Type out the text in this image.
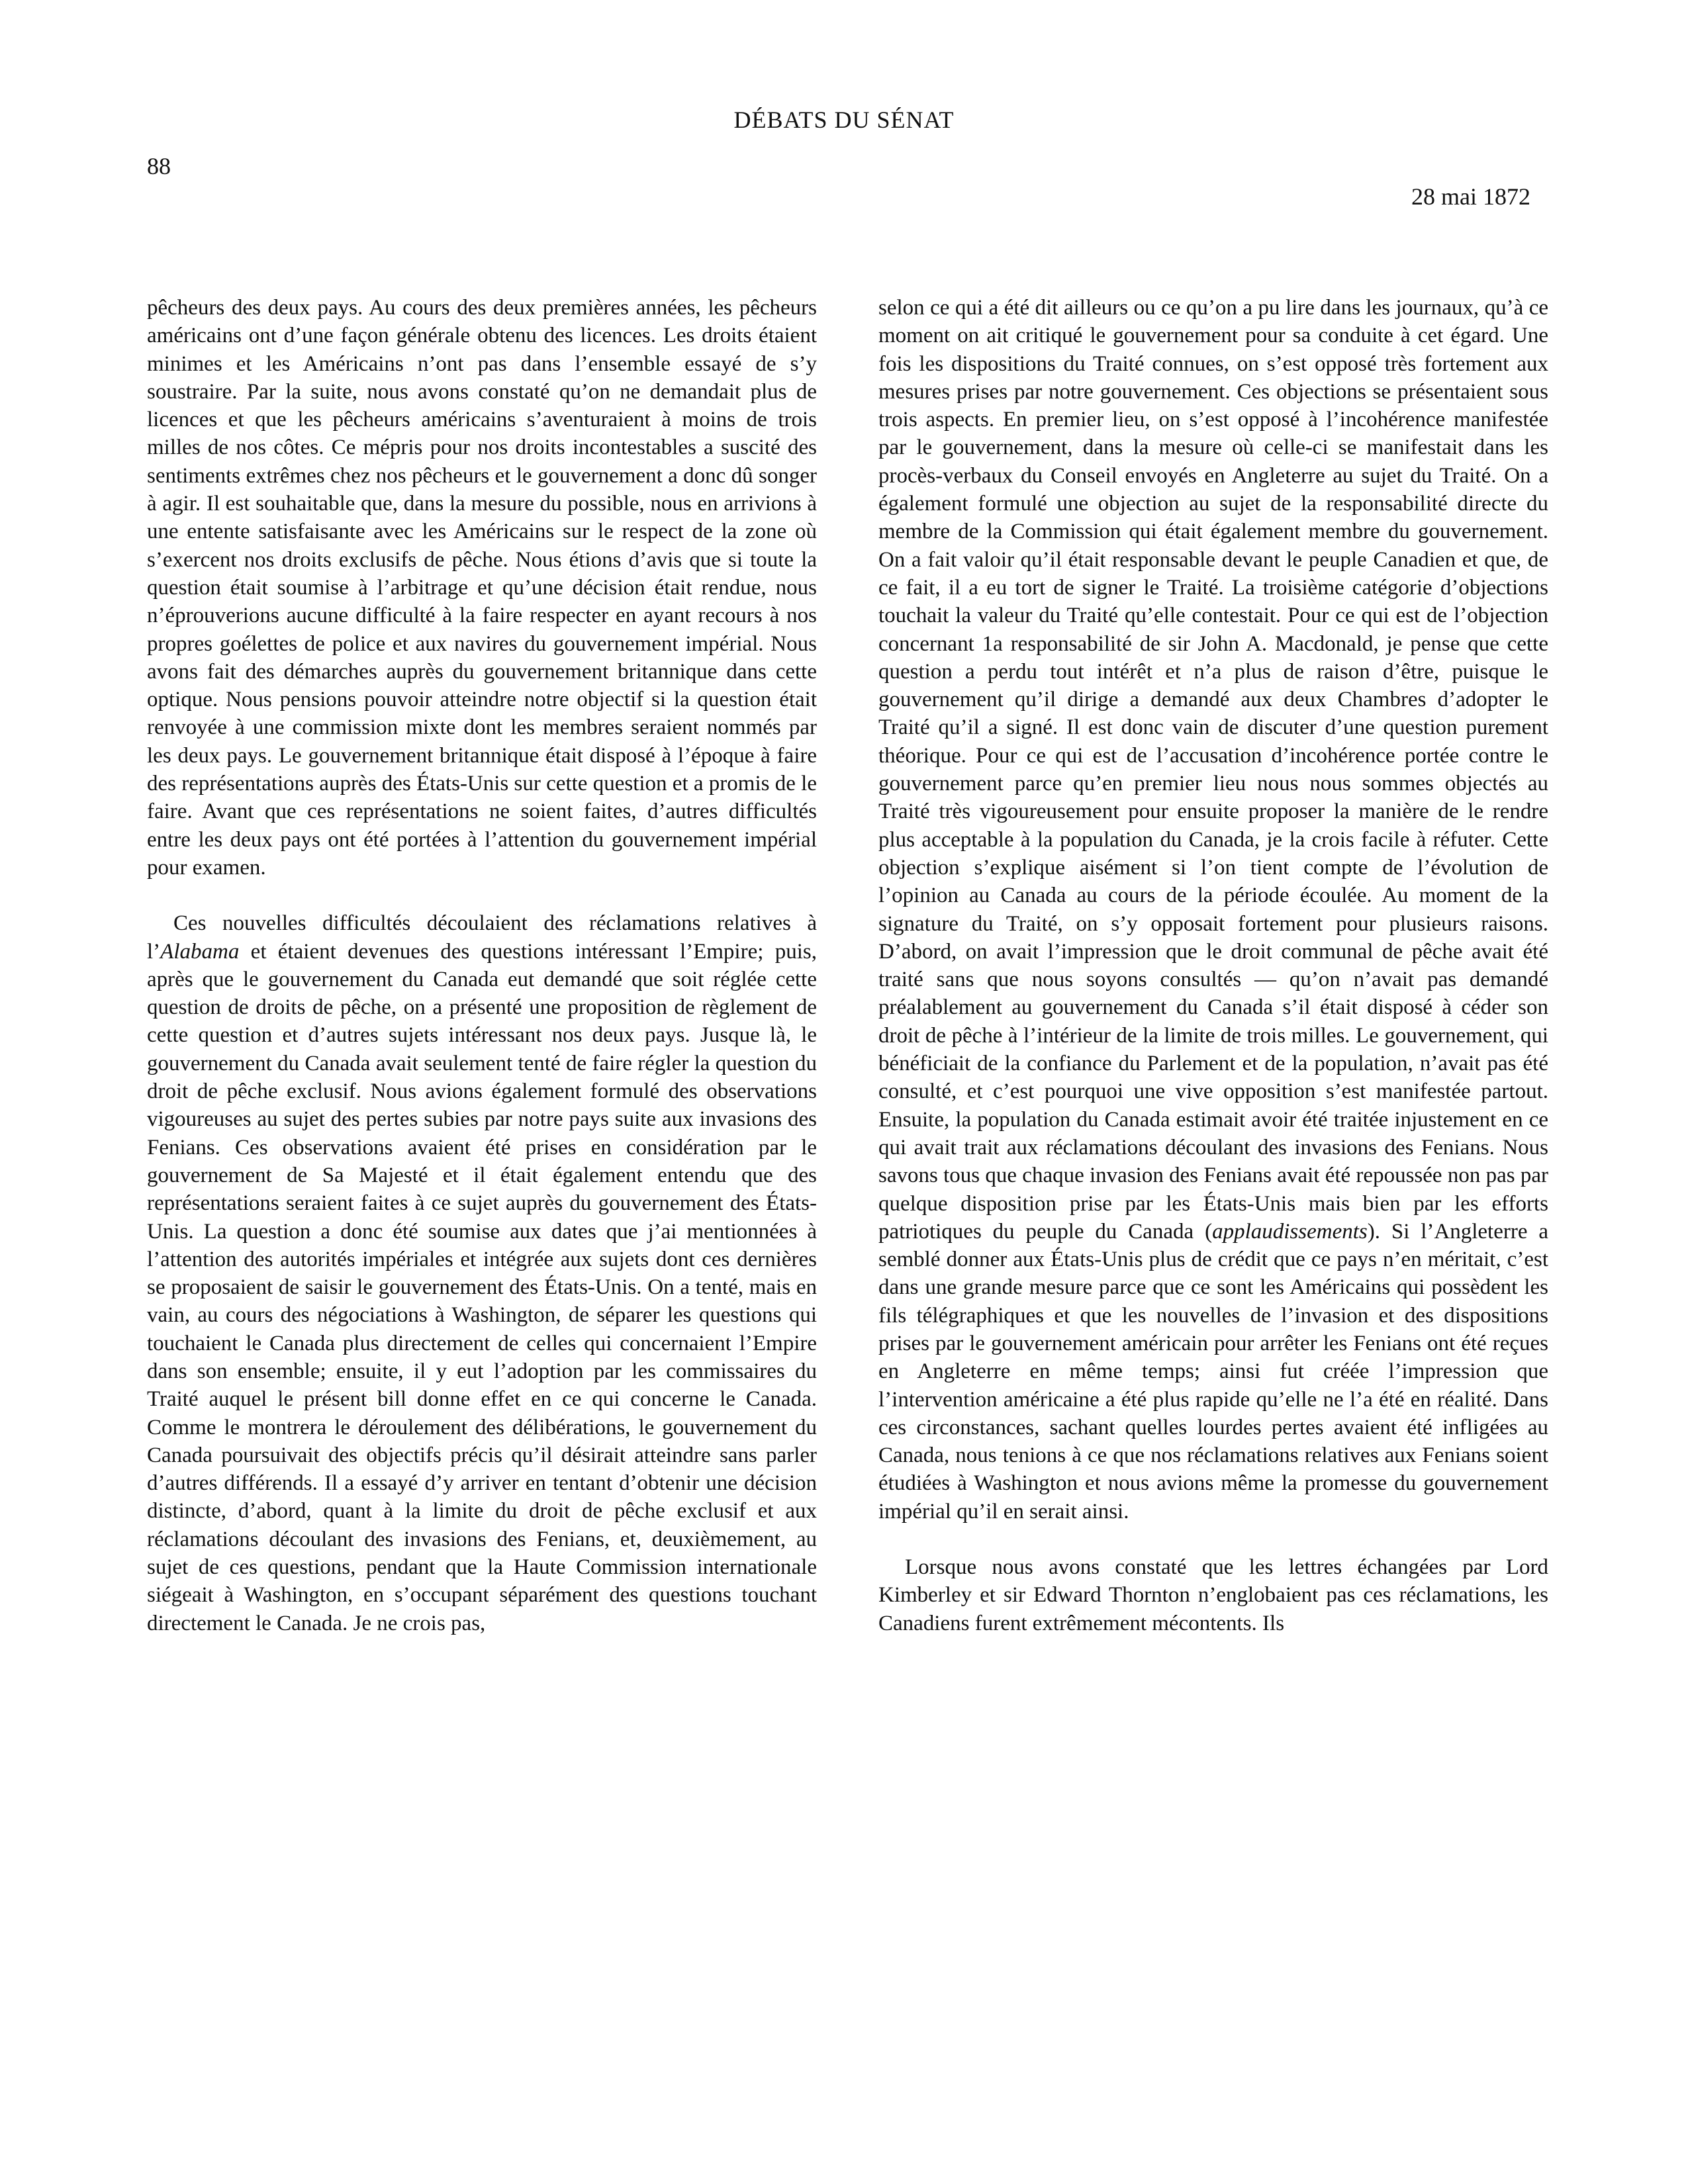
DÉBATS DU SÉNAT

88

28 mai 1872

pêcheurs des deux pays. Au cours des deux premières années, les pêcheurs américains ont d’une façon générale obtenu des licences. Les droits étaient minimes et les Américains n’ont pas dans l’ensemble essayé de s’y soustraire. Par la suite, nous avons constaté qu’on ne demandait plus de licences et que les pêcheurs américains s’aventuraient à moins de trois milles de nos côtes. Ce mépris pour nos droits incontestables a suscité des sentiments extrêmes chez nos pêcheurs et le gouvernement a donc dû songer à agir. Il est souhaitable que, dans la mesure du possible, nous en arrivions à une entente satisfaisante avec les Américains sur le respect de la zone où s’exercent nos droits exclusifs de pêche. Nous étions d’avis que si toute la question était soumise à l’arbitrage et qu’une décision était rendue, nous n’éprouverions aucune difficulté à la faire respecter en ayant recours à nos propres goélettes de police et aux navires du gouvernement impérial. Nous avons fait des démarches auprès du gouvernement britannique dans cette optique. Nous pensions pouvoir atteindre notre objectif si la question était renvoyée à une commission mixte dont les membres seraient nommés par les deux pays. Le gouvernement britannique était disposé à l’époque à faire des représentations auprès des États-Unis sur cette question et a promis de le faire. Avant que ces représentations ne soient faites, d’autres difficultés entre les deux pays ont été portées à l’attention du gouvernement impérial pour examen.

Ces nouvelles difficultés découlaient des réclamations relatives à l’Alabama et étaient devenues des questions intéressant l’Empire; puis, après que le gouvernement du Canada eut demandé que soit réglée cette question de droits de pêche, on a présenté une proposition de règlement de cette question et d’autres sujets intéressant nos deux pays. Jusque là, le gouvernement du Canada avait seulement tenté de faire régler la question du droit de pêche exclusif. Nous avions également formulé des observations vigoureuses au sujet des pertes subies par notre pays suite aux invasions des Fenians. Ces observations avaient été prises en considération par le gouvernement de Sa Majesté et il était également entendu que des représentations seraient faites à ce sujet auprès du gouvernement des États-Unis. La question a donc été soumise aux dates que j’ai mentionnées à l’attention des autorités impériales et intégrée aux sujets dont ces dernières se proposaient de saisir le gouvernement des États-Unis. On a tenté, mais en vain, au cours des négociations à Washington, de séparer les questions qui touchaient le Canada plus directement de celles qui concernaient l’Empire dans son ensemble; ensuite, il y eut l’adoption par les commissaires du Traité auquel le présent bill donne effet en ce qui concerne le Canada. Comme le montrera le déroulement des délibérations, le gouvernement du Canada poursuivait des objectifs précis qu’il désirait atteindre sans parler d’autres différends. Il a essayé d’y arriver en tentant d’obtenir une décision distincte, d’abord, quant à la limite du droit de pêche exclusif et aux réclamations découlant des invasions des Fenians, et, deuxièmement, au sujet de ces questions, pendant que la Haute Commission internationale siégeait à Washington, en s’occupant séparément des questions touchant directement le Canada. Je ne crois pas,

selon ce qui a été dit ailleurs ou ce qu’on a pu lire dans les journaux, qu’à ce moment on ait critiqué le gouvernement pour sa conduite à cet égard. Une fois les dispositions du Traité connues, on s’est opposé très fortement aux mesures prises par notre gouvernement. Ces objections se présentaient sous trois aspects. En premier lieu, on s’est opposé à l’incohérence manifestée par le gouvernement, dans la mesure où celle-ci se manifestait dans les procès-verbaux du Conseil envoyés en Angleterre au sujet du Traité. On a également formulé une objection au sujet de la responsabilité directe du membre de la Commission qui était également membre du gouvernement. On a fait valoir qu’il était responsable devant le peuple Canadien et que, de ce fait, il a eu tort de signer le Traité. La troisième catégorie d’objections touchait la valeur du Traité qu’elle contestait. Pour ce qui est de l’objection concernant 1a responsabilité de sir John A. Macdonald, je pense que cette question a perdu tout intérêt et n’a plus de raison d’être, puisque le gouvernement qu’il dirige a demandé aux deux Chambres d’adopter le Traité qu’il a signé. Il est donc vain de discuter d’une question purement théorique. Pour ce qui est de l’accusation d’incohérence portée contre le gouvernement parce qu’en premier lieu nous nous sommes objectés au Traité très vigoureusement pour ensuite proposer la manière de le rendre plus acceptable à la population du Canada, je la crois facile à réfuter. Cette objection s’explique aisément si l’on tient compte de l’évolution de l’opinion au Canada au cours de la période écoulée. Au moment de la signature du Traité, on s’y opposait fortement pour plusieurs raisons. D’abord, on avait l’impression que le droit communal de pêche avait été traité sans que nous soyons consultés — qu’on n’avait pas demandé préalablement au gouvernement du Canada s’il était disposé à céder son droit de pêche à l’intérieur de la limite de trois milles. Le gouvernement, qui bénéficiait de la confiance du Parlement et de la population, n’avait pas été consulté, et c’est pourquoi une vive opposition s’est manifestée partout. Ensuite, la population du Canada estimait avoir été traitée injustement en ce qui avait trait aux réclamations découlant des invasions des Fenians. Nous savons tous que chaque invasion des Fenians avait été repoussée non pas par quelque disposition prise par les États-Unis mais bien par les efforts patriotiques du peuple du Canada (applaudissements). Si l’Angleterre a semblé donner aux États-Unis plus de crédit que ce pays n’en méritait, c’est dans une grande mesure parce que ce sont les Américains qui possèdent les fils télégraphiques et que les nouvelles de l’invasion et des dispositions prises par le gouvernement américain pour arrêter les Fenians ont été reçues en Angleterre en même temps; ainsi fut créée l’impression que l’intervention américaine a été plus rapide qu’elle ne l’a été en réalité. Dans ces circonstances, sachant quelles lourdes pertes avaient été infligées au Canada, nous tenions à ce que nos réclamations relatives aux Fenians soient étudiées à Washington et nous avions même la promesse du gouvernement impérial qu’il en serait ainsi.

Lorsque nous avons constaté que les lettres échangées par Lord Kimberley et sir Edward Thornton n’englobaient pas ces réclamations, les Canadiens furent extrêmement mécontents. Ils
